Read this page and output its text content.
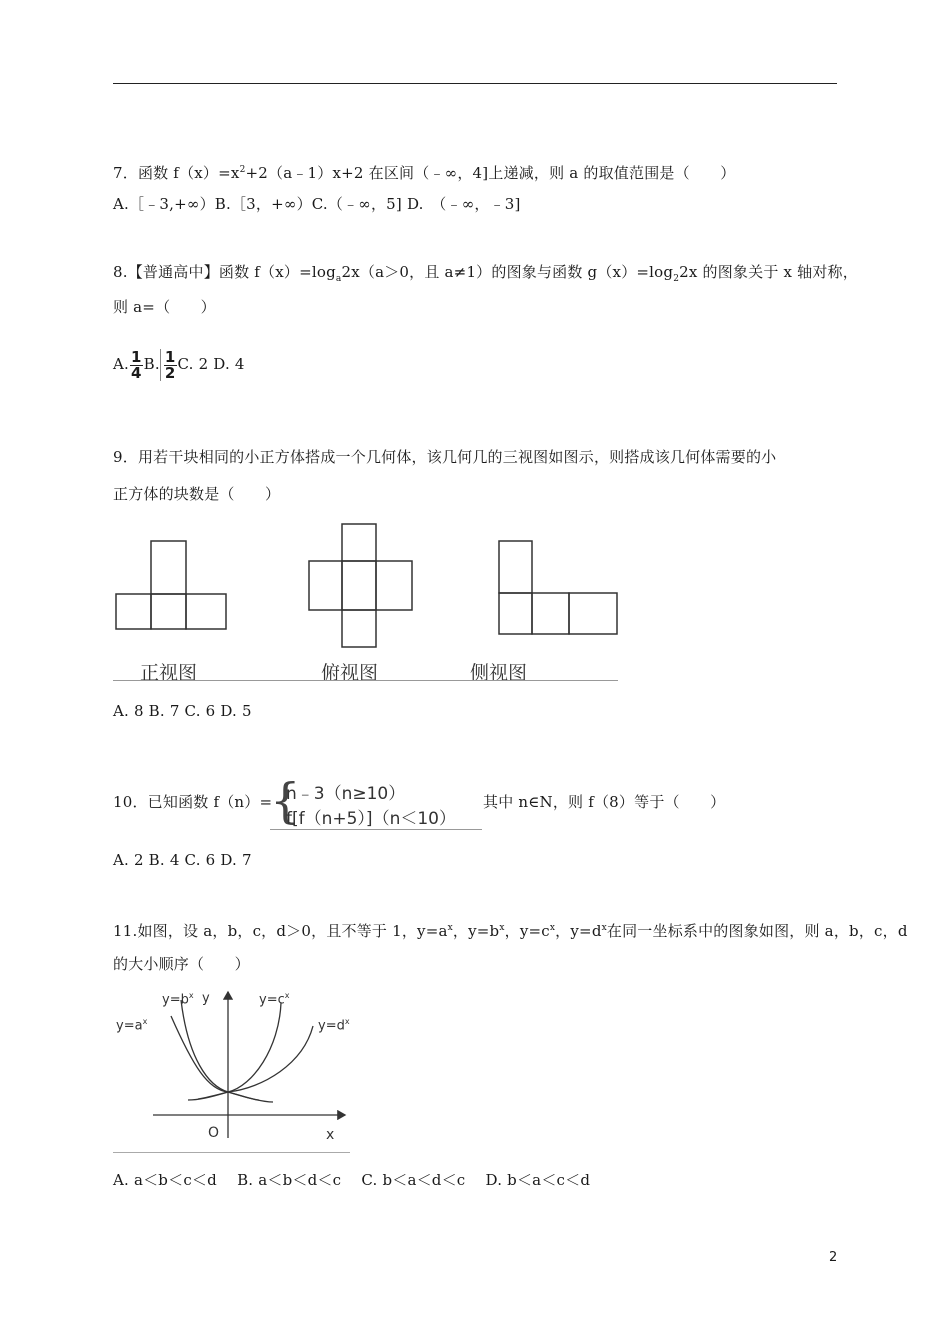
7．函数 $f(x)=x^2+2(a﹣1)x+2$ 在区间（﹣∞，4]上递减，则 a 的取值范围是（　　）
A.［﹣3,+∞）B.［3，+∞）C.（﹣∞，5] D.　（﹣∞，﹣3]
8.【普通高中】函数 $f(x)=\log_a2x(a>0$，且 a≠1）的图象与函数 $g(x)=\log_22x$ 的图象关于 x 轴对称，
则 a=（　　）
A. $\frac{1}{4} B$. $\frac{1}{2} C$. 2 D. 4
9．用若干块相同的小正方体搭成一个几何体，该几何几的三视图如图示，则搭成该几何体需要的小
正方体的块数是（　　）
正视图	俯视图	侧视图
A. 8 B. 7 C. 6 D. 5
10．已知函数 f（n）=
{
n﹣3（n≥10）
f[f（n+5）]（n＜10）
其中 n∈N，则 f（8）等于（　　）
A. 2 B. 4 C. 6 D. 7
11.如图，设 a，b，c，d＞0，且不等于 1，$y=a^x$，$y=b^x$，$y=c^x$，$y=d^x$在同一坐标系中的图象如图，则 a，b，c，d
的大小顺序（　　）
$y=b^x$ y	$y=c^x$
$y=a^x$	$y=d^x$
O	x
A. a＜b＜c＜d　 B. a＜b＜d＜c　 C. b＜a＜d＜c　 D. b＜a＜c＜d
2
